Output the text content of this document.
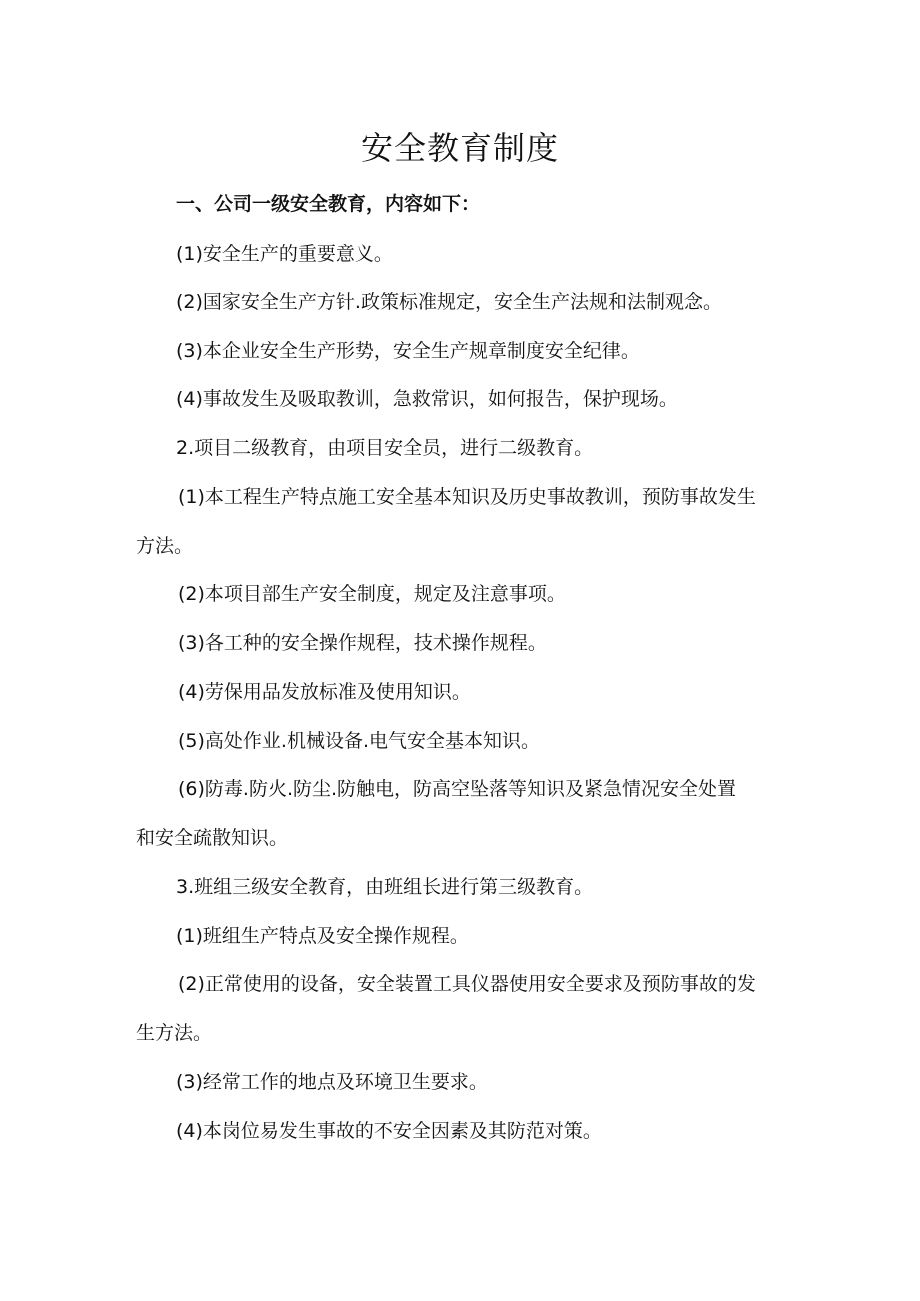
安全教育制度
一、公司一级安全教育，内容如下：
(1)安全生产的重要意义。
(2)国家安全生产方针.政策标准规定，安全生产法规和法制观念。
(3)本企业安全生产形势，安全生产规章制度安全纪律。
(4)事故发生及吸取教训，急救常识，如何报告，保护现场。
2.项目二级教育，由项目安全员，进行二级教育。
(1)本工程生产特点施工安全基本知识及历史事故教训，预防事故发生
方法。
(2)本项目部生产安全制度，规定及注意事项。
(3)各工种的安全操作规程，技术操作规程。
(4)劳保用品发放标准及使用知识。
(5)高处作业.机械设备.电气安全基本知识。
(6)防毒.防火.防尘.防触电，防高空坠落等知识及紧急情况安全处置
和安全疏散知识。
3.班组三级安全教育，由班组长进行第三级教育。
(1)班组生产特点及安全操作规程。
(2)正常使用的设备，安全装置工具仪器使用安全要求及预防事故的发
生方法。
(3)经常工作的地点及环境卫生要求。
(4)本岗位易发生事故的不安全因素及其防范对策。
